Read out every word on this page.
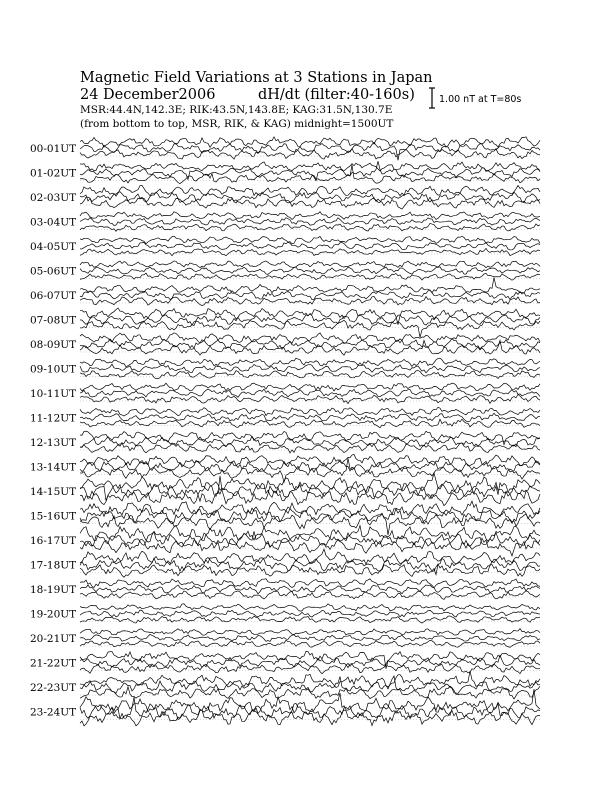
Magnetic Field Variations at 3 Stations in Japan
24 December2006	dH/dt (filter:40-160s)
MSR:44.4N,142.3E; RIK:43.5N,143.8E; KAG:31.5N,130.7E
(from bottom to top, MSR, RIK, & KAG) midnight=1500UT
1.00 nT at T=80s
00-01UT
01-02UT
02-03UT
03-04UT
04-05UT
05-06UT
06-07UT
07-08UT
08-09UT
09-10UT
10-11UT
11-12UT
12-13UT
13-14UT
14-15UT
15-16UT
16-17UT
17-18UT
18-19UT
19-20UT
20-21UT
21-22UT
22-23UT
23-24UT
